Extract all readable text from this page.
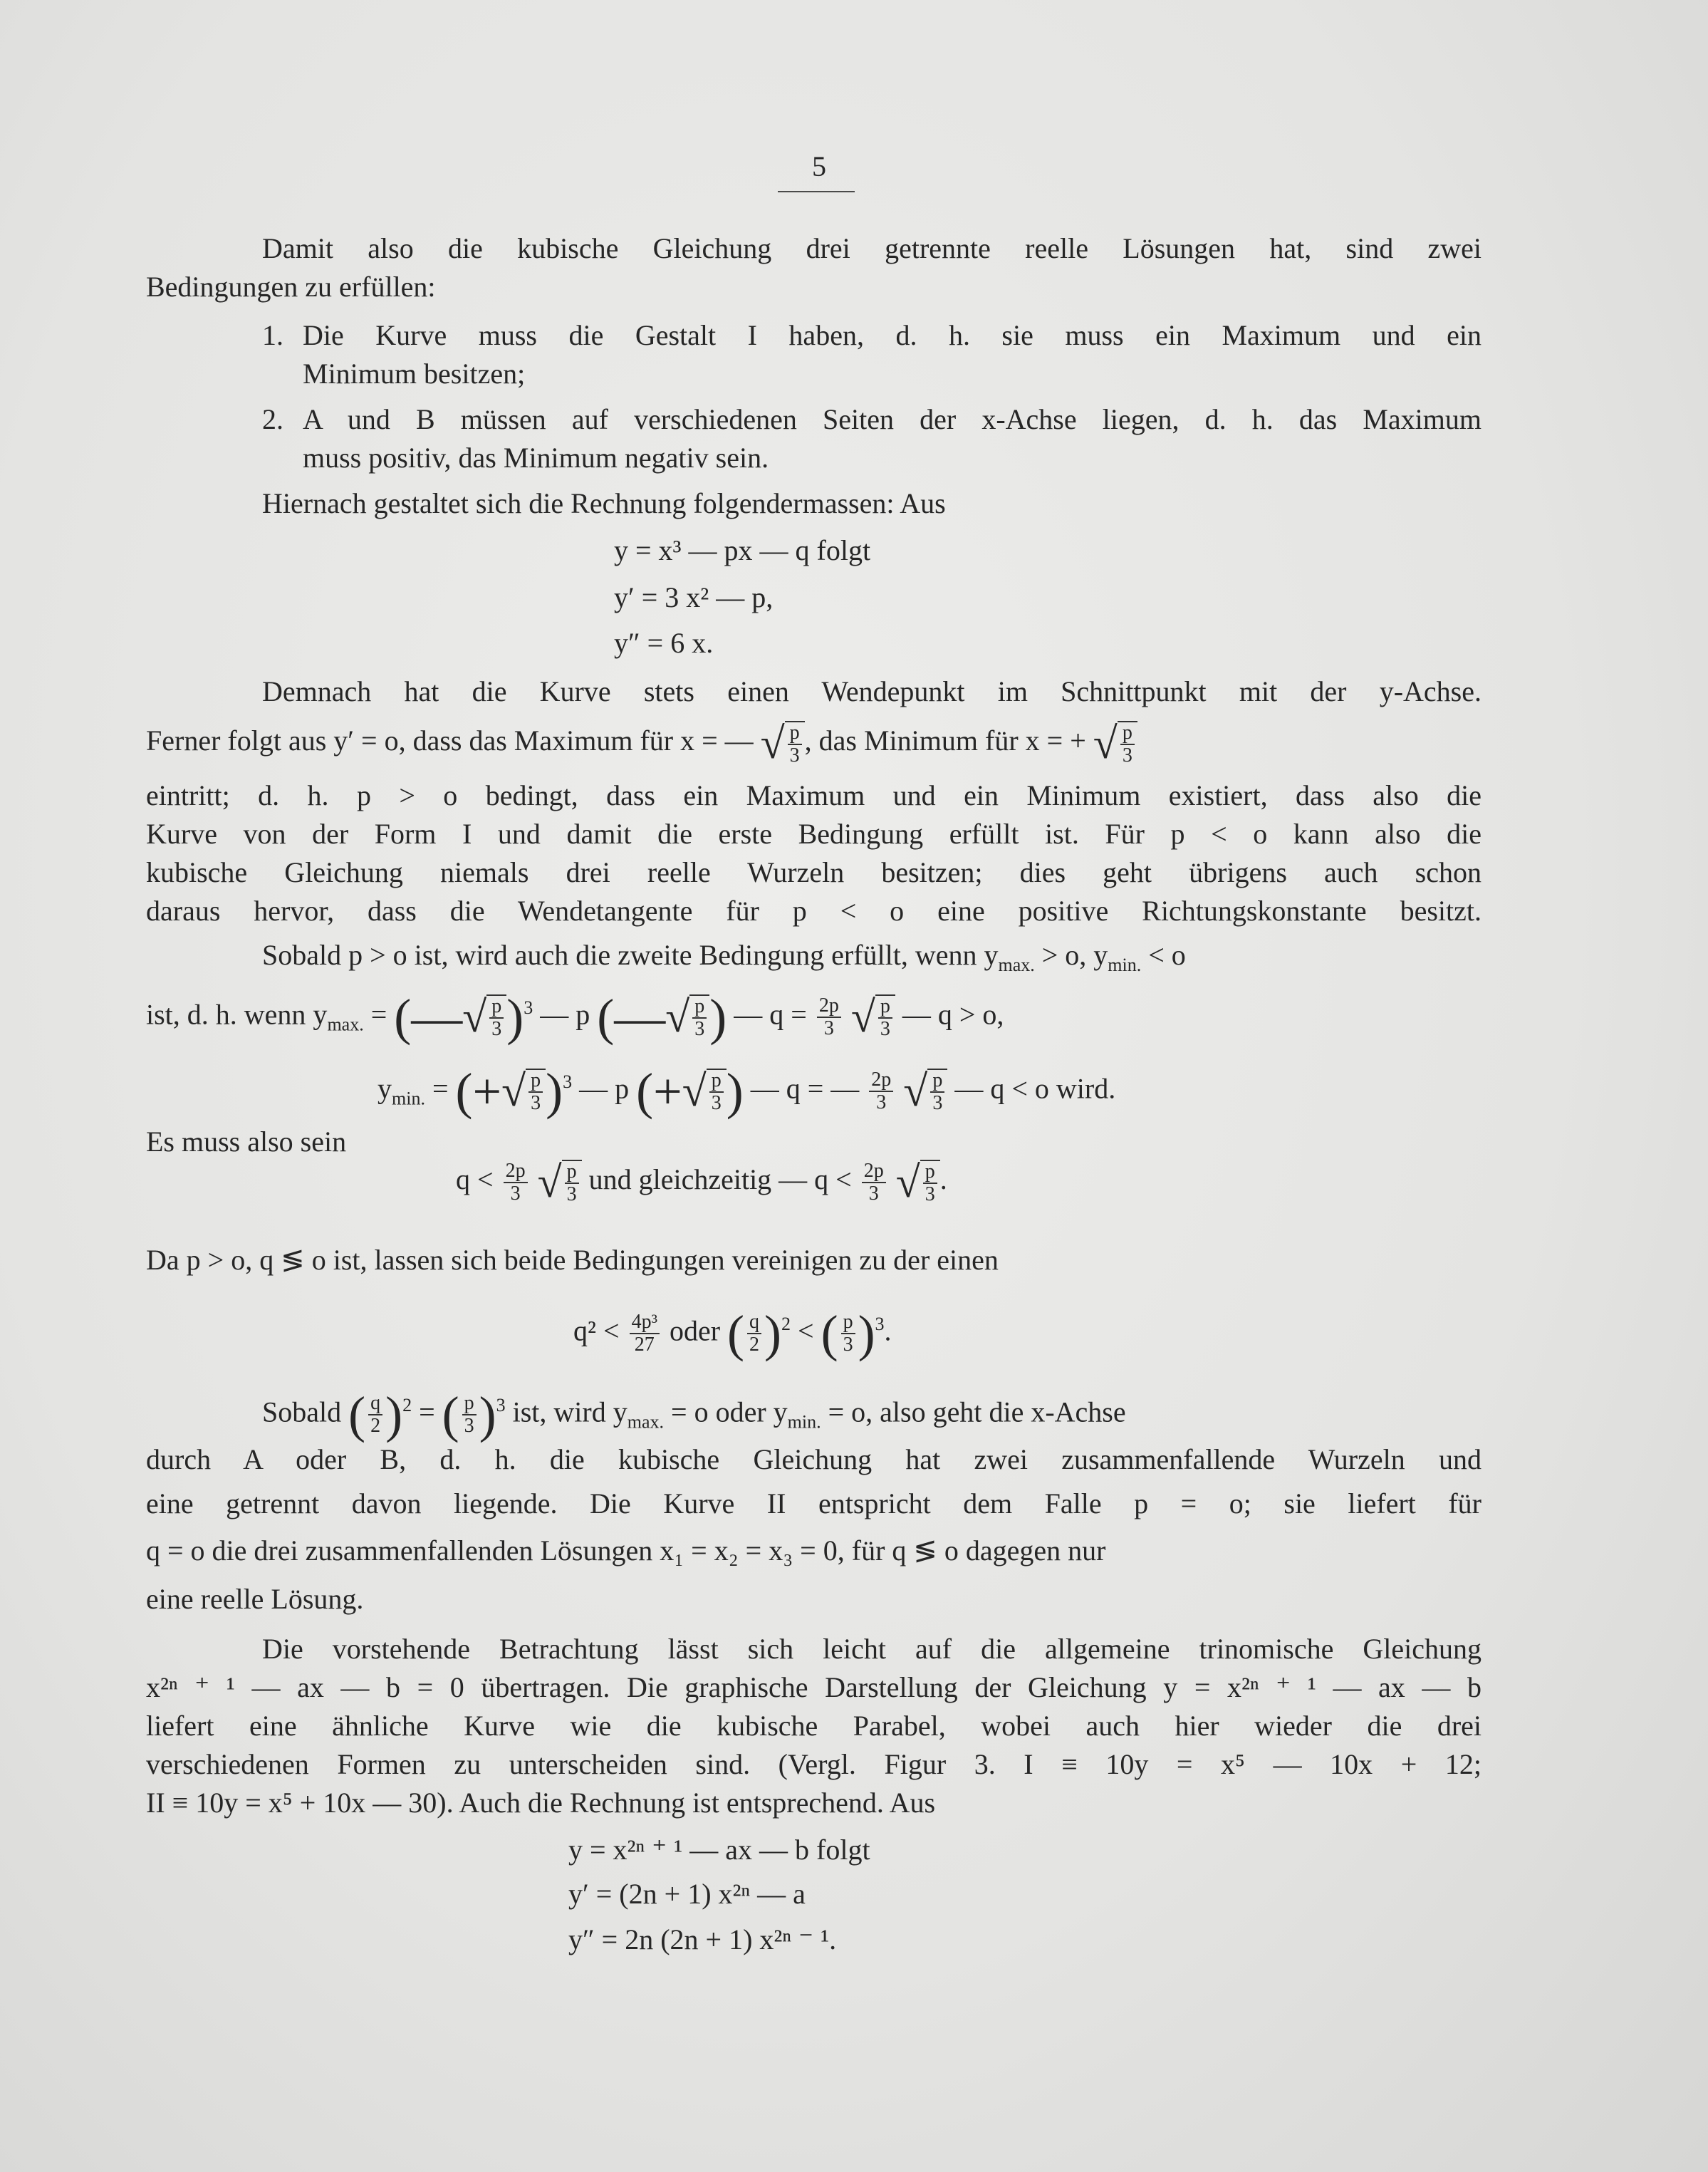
5
Damit also die kubische Gleichung drei getrennte reelle Lösungen hat, sind zwei
Bedingungen zu erfüllen:
1. Die Kurve muss die Gestalt I haben, d. h. sie muss ein Maximum und ein
Minimum besitzen;
2. A und B müssen auf verschiedenen Seiten der x-Achse liegen, d. h. das Maximum
muss positiv, das Minimum negativ sein.
Hiernach gestaltet sich die Rechnung folgendermassen: Aus
y = x³ — px — q folgt
y′ = 3 x² — p,
y″ = 6 x.
Demnach hat die Kurve stets einen Wendepunkt im Schnittpunkt mit der y-Achse.
Ferner folgt aus y′ = o, dass das Maximum für x = — √ $\frac{p}{3}$ , das Minimum für x = + √ $\frac{p}{3}$
eintritt; d. h. p > o bedingt, dass ein Maximum und ein Minimum existiert, dass also die
Kurve von der Form I und damit die erste Bedingung erfüllt ist. Für p < o kann also die
kubische Gleichung niemals drei reelle Wurzeln besitzen; dies geht übrigens auch schon
daraus hervor, dass die Wendetangente für p < o eine positive Richtungskonstante besitzt.
Sobald p > o ist, wird auch die zweite Bedingung erfüllt, wenn $y_{max.} > o$, $y_{min.} < o$
ist, d. h. wenn $y_{max.}$ = (—√ $\frac{p}{3} )^3$ — p (—√ $\frac{p}{3}$ ) — $q = \frac{2p}{3}$ √ $\frac{p}{3}$ — q > o,
$y_{min.}$ = (+√ $\frac{p}{3} )^3$ — p (+√ $\frac{p}{3}$ ) — q = — $\frac{2p}{3}$ √ $\frac{p}{3}$ — q < o wird.
Es muss also sein
$q < \frac{2p}{3}$ √ $\frac{p}{3}$ und gleichzeitig — $q < \frac{2p}{3}$ √ $\frac{p}{3}$ .
Da p > o, q ≶ o ist, lassen sich beide Bedingungen vereinigen zu der einen
$q^2 < \frac{\text{4p³}}{27}$ oder ( $\frac{q}{2} )^2$ < ( $\frac{p}{3} )^3$.
Sobald ( $\frac{q}{2} )^2$ = ( $\frac{p}{3} )^3$ ist, wird $y_{max.} = o$ oder $y_{min.} = o$, also geht die x-Achse
durch A oder B, d. h. die kubische Gleichung hat zwei zusammenfallende Wurzeln und
eine getrennt davon liegende. Die Kurve II entspricht dem Falle p = o; sie liefert für
q = o die drei zusammenfallenden Lösungen x₁ = x₂ = x₃ = 0, für q ≶ o dagegen nur
eine reelle Lösung.
Die vorstehende Betrachtung lässt sich leicht auf die allgemeine trinomische Gleichung
x²ⁿ ⁺ ¹ — ax — b = 0 übertragen. Die graphische Darstellung der Gleichung y = x²ⁿ ⁺ ¹ — ax — b
liefert eine ähnliche Kurve wie die kubische Parabel, wobei auch hier wieder die drei
verschiedenen Formen zu unterscheiden sind. (Vergl. Figur 3. I ≡ 10y = x⁵ — 10x + 12;
II ≡ 10y = x⁵ + 10x — 30). Auch die Rechnung ist entsprechend. Aus
y = x²ⁿ ⁺ ¹ — ax — b folgt
y′ = (2n + 1) x²ⁿ — a
y″ = 2n (2n + 1) x²ⁿ ⁻ ¹.
